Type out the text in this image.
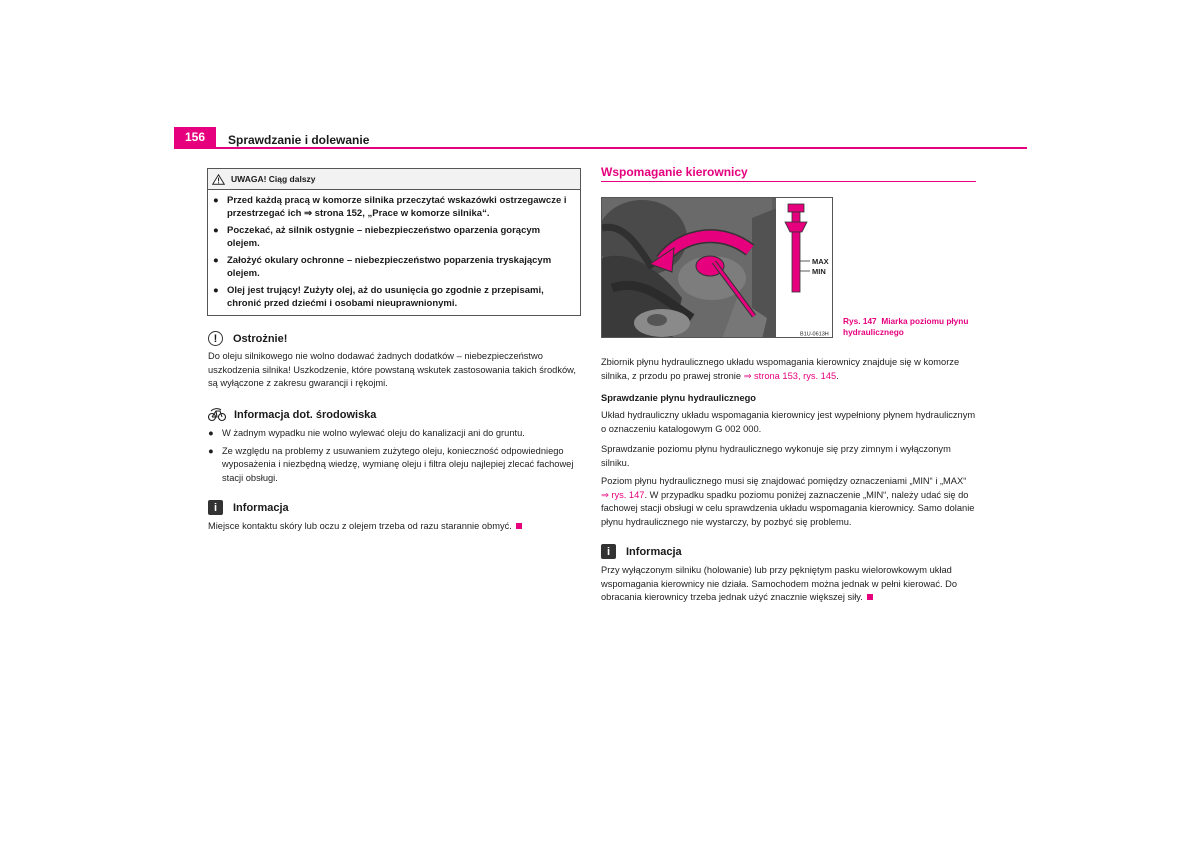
156	Sprawdzanie i dolewanie
UWAGA! Ciąg dalszy
● Przed każdą pracą w komorze silnika przeczytać wskazówki ostrzegawcze i przestrzegać ich ⇒ strona 152, „Prace w komorze silnika“.
● Poczekać, aż silnik ostygnie – niebezpieczeństwo oparzenia gorącym olejem.
● Założyć okulary ochronne – niebezpieczeństwo poparzenia tryskającym olejem.
● Olej jest trujący! Zużyty olej, aż do usunięcia go zgodnie z przepisami, chronić przed dziećmi i osobami nieuprawnionymi.
!	Ostrożnie!
Do oleju silnikowego nie wolno dodawać żadnych dodatków – niebezpieczeństwo uszkodzenia silnika! Uszkodzenie, które powstaną wskutek zastosowania takich środków, są wyłączone z zakresu gwarancji i rękojmi.
Informacja dot. środowiska
● W żadnym wypadku nie wolno wylewać oleju do kanalizacji ani do gruntu.
● Ze względu na problemy z usuwaniem zużytego oleju, konieczność odpowiedniego wyposażenia i niezbędną wiedzę, wymianę oleju i filtra oleju najlepiej zlecać fachowej stacji obsługi.
i	Informacja
Miejsce kontaktu skóry lub oczu z olejem trzeba od razu starannie obmyć.
Wspomaganie kierownicy
MAX
MIN
B1U-0613H
Rys. 147 Miarka poziomu płynu hydraulicznego
Zbiornik płynu hydraulicznego układu wspomagania kierownicy znajduje się w komorze silnika, z przodu po prawej stronie ⇒ strona 153, rys. 145.
Sprawdzanie płynu hydraulicznego
Układ hydrauliczny układu wspomagania kierownicy jest wypełniony płynem hydraulicznym o oznaczeniu katalogowym G 002 000.
Sprawdzanie poziomu płynu hydraulicznego wykonuje się przy zimnym i wyłączonym silniku.
Poziom płynu hydraulicznego musi się znajdować pomiędzy oznaczeniami „MIN“ i „MAX“ ⇒ rys. 147. W przypadku spadku poziomu poniżej zaznaczenie „MIN“, należy udać się do fachowej stacji obsługi w celu sprawdzenia układu wspomagania kierownicy. Samo dolanie płynu hydraulicznego nie wystarczy, by pozbyć się problemu.
i	Informacja
Przy wyłączonym silniku (holowanie) lub przy pękniętym pasku wielorowkowym układ wspomagania kierownicy nie działa. Samochodem można jednak w pełni kierować. Do obracania kierownicy trzeba jednak użyć znacznie większej siły.
